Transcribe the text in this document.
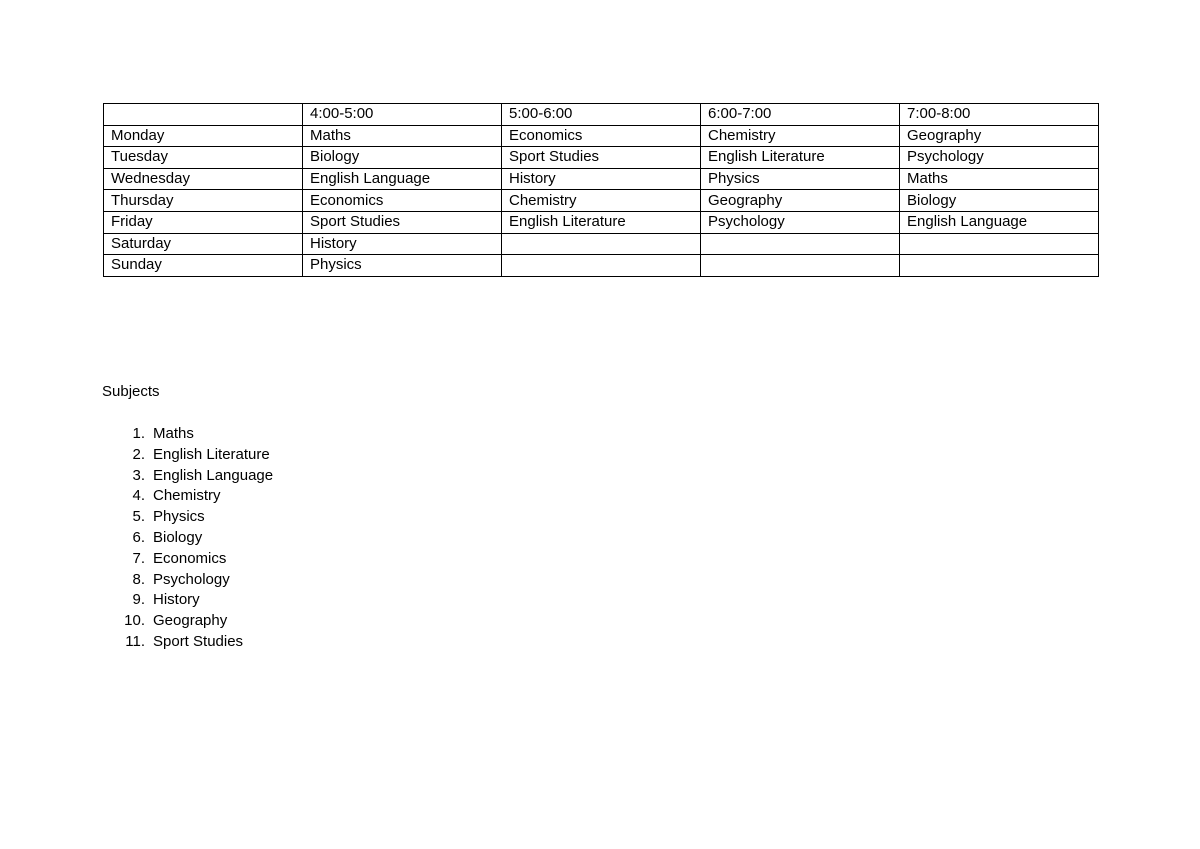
	4:00-5:00	5:00-6:00	6:00-7:00	7:00-8:00
Monday	Maths	Economics	Chemistry	Geography
Tuesday	Biology	Sport Studies	English Literature	Psychology
Wednesday	English Language	History	Physics	Maths
Thursday	Economics	Chemistry	Geography	Biology
Friday	Sport Studies	English Literature	Psychology	English Language
Saturday	History			
Sunday	Physics			
Subjects
1. Maths
2. English Literature
3. English Language
4. Chemistry
5. Physics
6. Biology
7. Economics
8. Psychology
9. History
10. Geography
11. Sport Studies
